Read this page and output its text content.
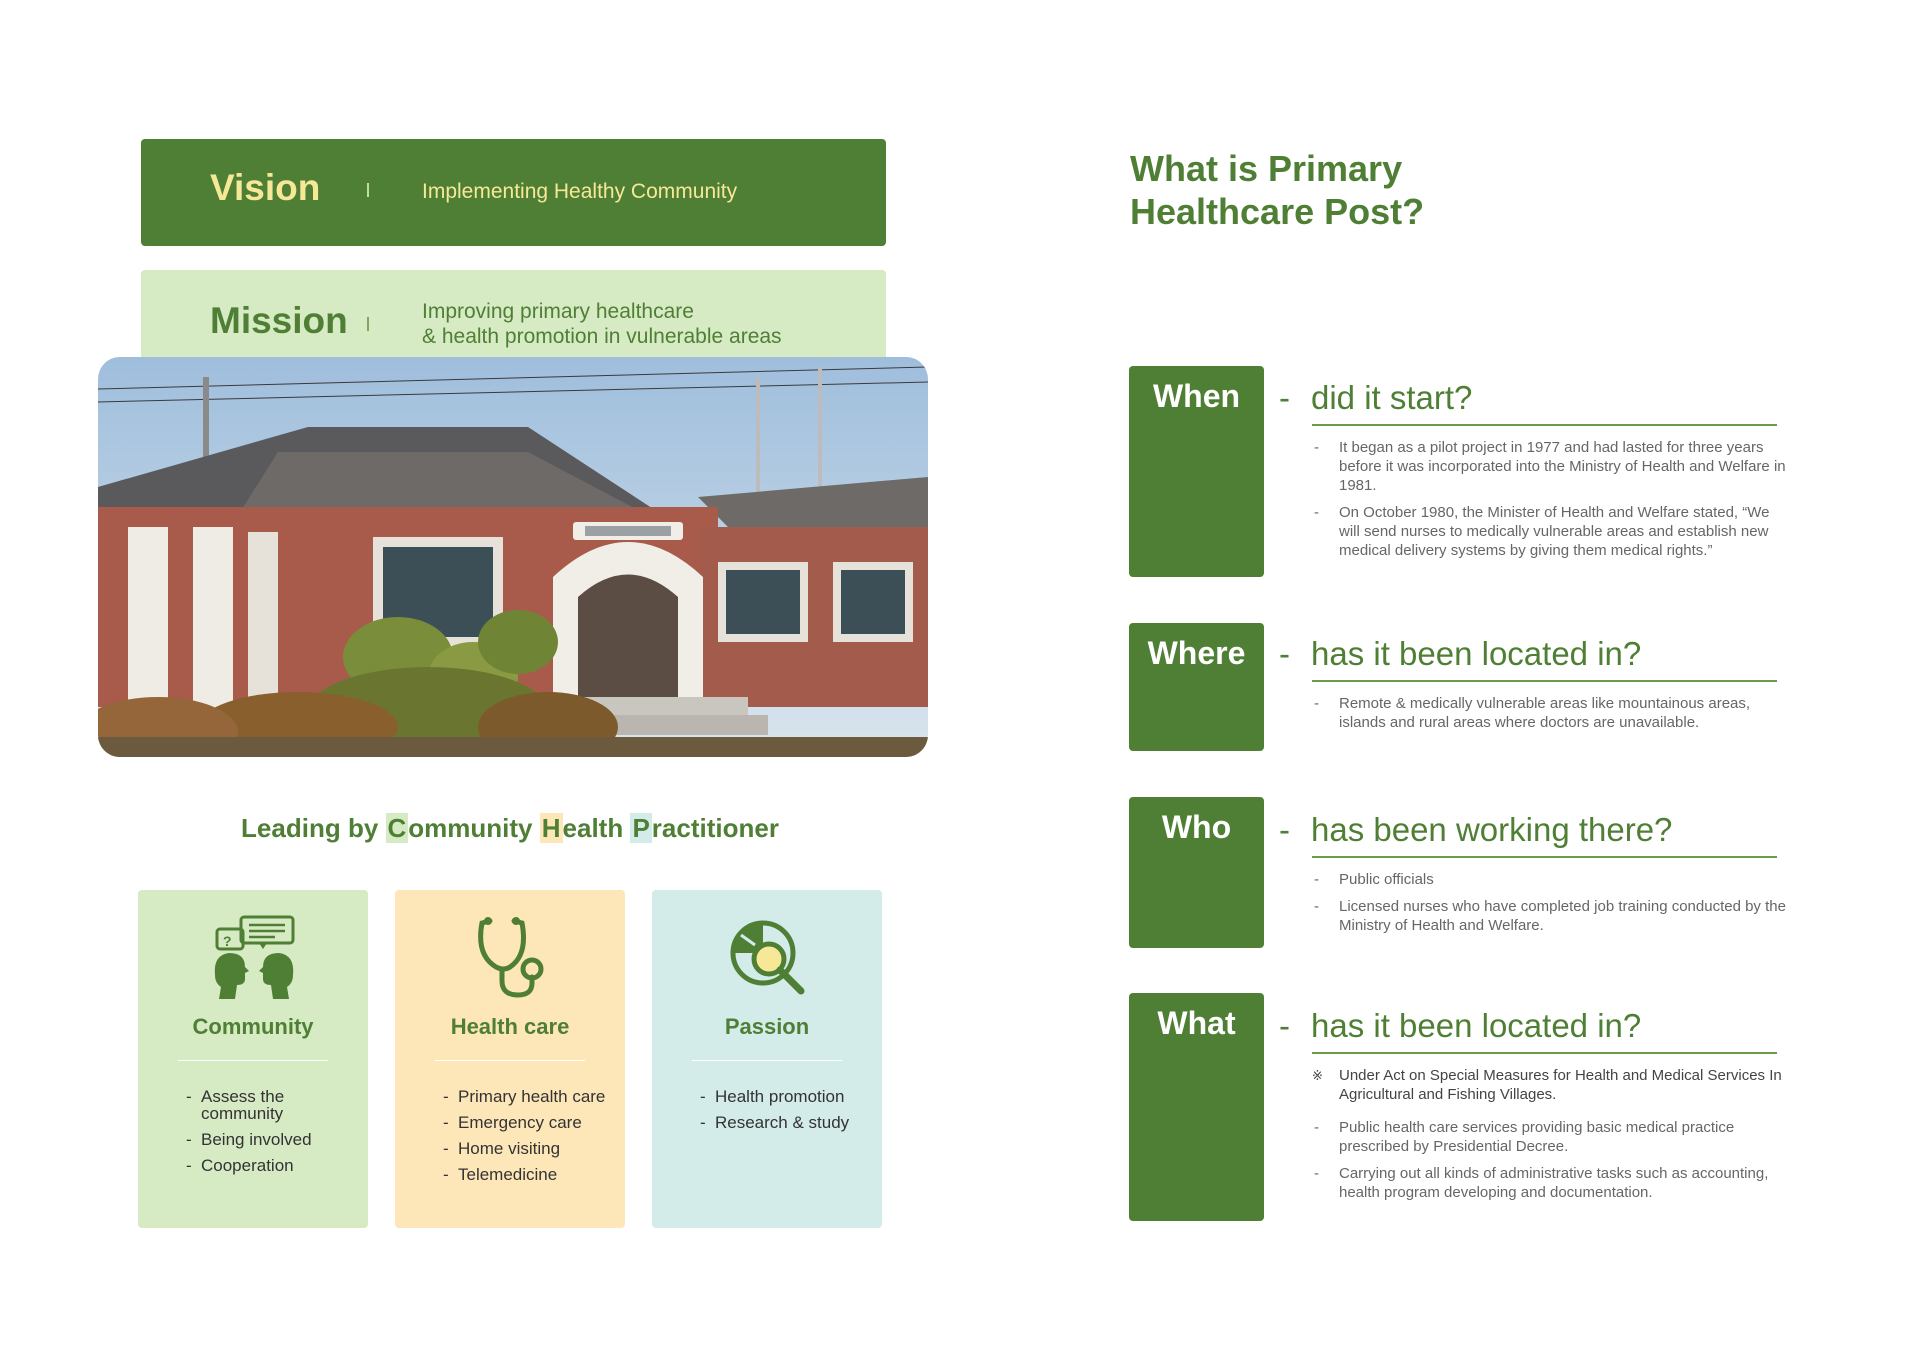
Vision	Implementing Healthy Community
Mission	Improving primary healthcare
& health promotion in vulnerable areas
Leading by Community Health Practitioner
?
Community
- Assess the community
- Being involved
- Cooperation
Health care
- Primary health care
- Emergency care
- Home visiting
- Telemedicine
Passion
- Health promotion
- Research & study
What is Primary
Healthcare Post?
When	- did it start?
- It began as a pilot project in 1977 and had lasted for three years before it was incorporated into the Ministry of Health and Welfare in 1981.
- On October 1980, the Minister of Health and Welfare stated, “We will send nurses to medically vulnerable areas and establish new medical delivery systems by giving them medical rights.”
Where	- has it been located in?
- Remote & medically vulnerable areas like mountainous areas, islands and rural areas where doctors are unavailable.
Who	- has been working there?
- Public officials
- Licensed nurses who have completed job training conducted by the Ministry of Health and Welfare.
What	- has it been located in?
※ Under Act on Special Measures for Health and Medical Services In Agricultural and Fishing Villages.
- Public health care services providing basic medical practice prescribed by Presidential Decree.
- Carrying out all kinds of administrative tasks such as accounting, health program developing and documentation.
